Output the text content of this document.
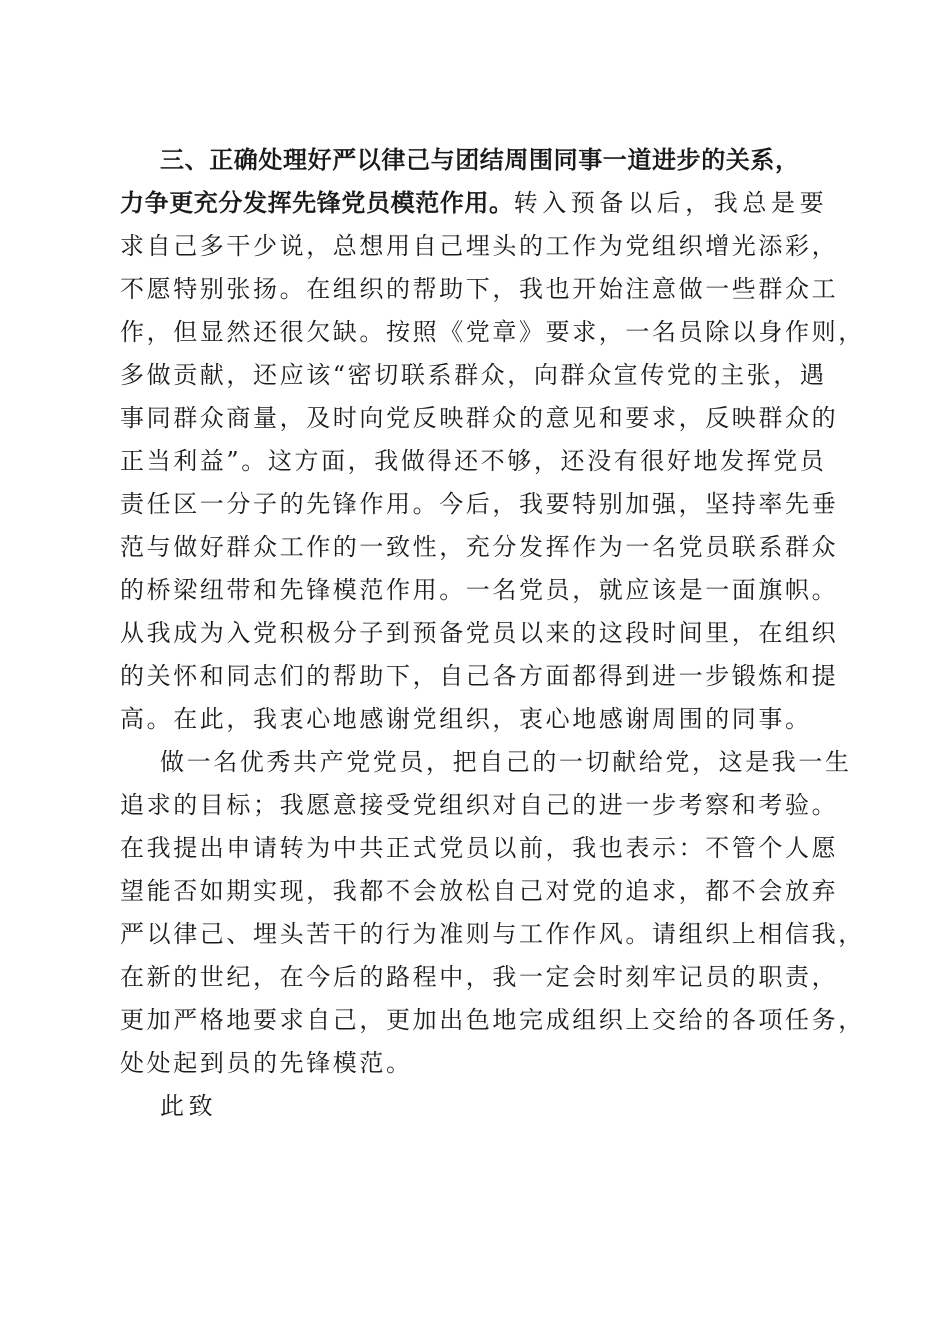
三、正确处理好严以律己与团结周围同事一道进步的关系，
力争更充分发挥先锋党员模范作用。转入预备以后，我总是要
求自己多干少说，总想用自己埋头的工作为党组织增光添彩，
不愿特别张扬。在组织的帮助下，我也开始注意做一些群众工
作，但显然还很欠缺。按照《党章》要求，一名员除以身作则，
多做贡献，还应该“密切联系群众，向群众宣传党的主张，遇
事同群众商量，及时向党反映群众的意见和要求，反映群众的
正当利益”。这方面，我做得还不够，还没有很好地发挥党员
责任区一分子的先锋作用。今后，我要特别加强，坚持率先垂
范与做好群众工作的一致性，充分发挥作为一名党员联系群众
的桥梁纽带和先锋模范作用。一名党员，就应该是一面旗帜。
从我成为入党积极分子到预备党员以来的这段时间里，在组织
的关怀和同志们的帮助下，自己各方面都得到进一步锻炼和提
高。在此，我衷心地感谢党组织，衷心地感谢周围的同事。
做一名优秀共产党党员，把自己的一切献给党，这是我一生
追求的目标；我愿意接受党组织对自己的进一步考察和考验。
在我提出申请转为中共正式党员以前，我也表示：不管个人愿
望能否如期实现，我都不会放松自己对党的追求，都不会放弃
严以律己、埋头苦干的行为准则与工作作风。请组织上相信我，
在新的世纪，在今后的路程中，我一定会时刻牢记员的职责，
更加严格地要求自己，更加出色地完成组织上交给的各项任务，
处处起到员的先锋模范。
此致
